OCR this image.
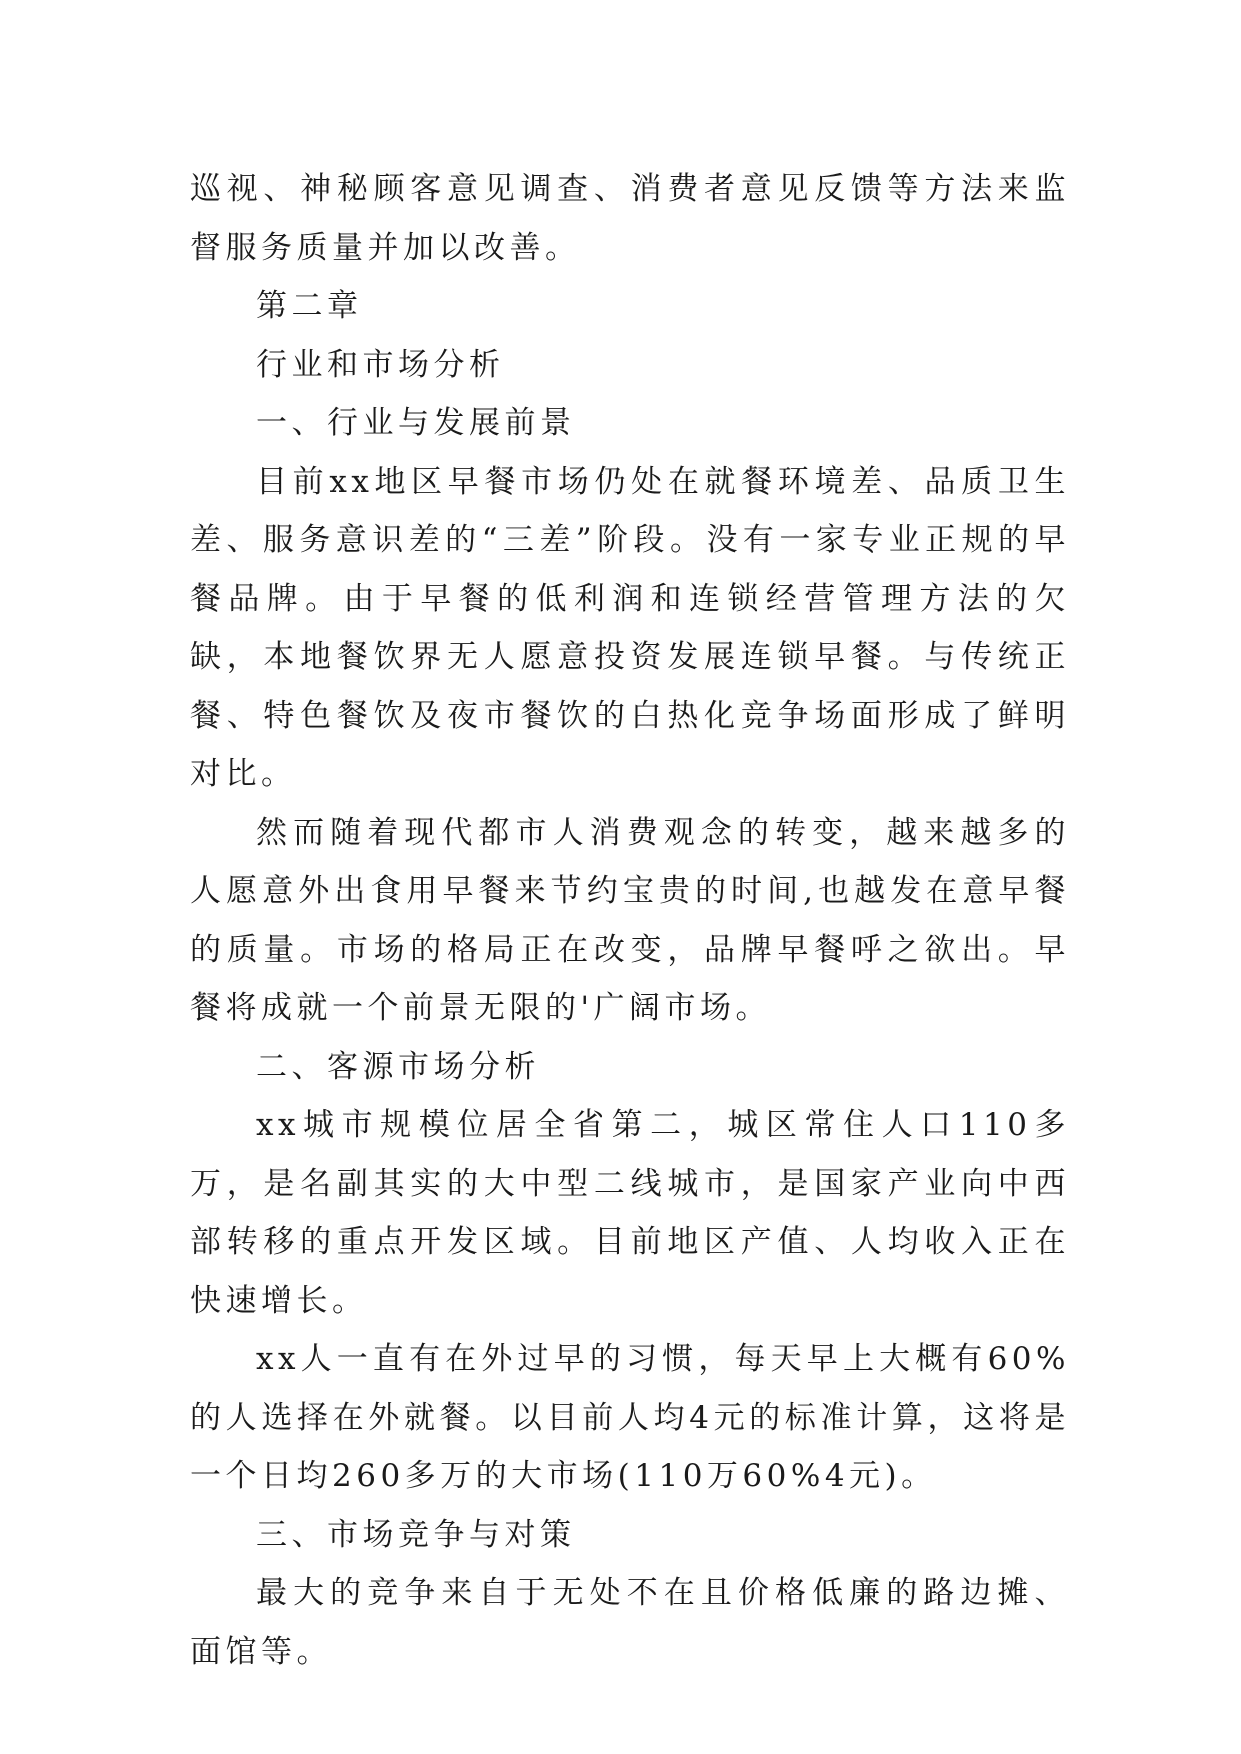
巡视、神秘顾客意见调查、消费者意见反馈等方法来监督服务质量并加以改善。

第二章

行业和市场分析

一、行业与发展前景

目前xx地区早餐市场仍处在就餐环境差、品质卫生差、服务意识差的“三差”阶段。没有一家专业正规的早餐品牌。由于早餐的低利润和连锁经营管理方法的欠缺，本地餐饮界无人愿意投资发展连锁早餐。与传统正餐、特色餐饮及夜市餐饮的白热化竞争场面形成了鲜明对比。

然而随着现代都市人消费观念的转变，越来越多的人愿意外出食用早餐来节约宝贵的时间,也越发在意早餐的质量。市场的格局正在改变，品牌早餐呼之欲出。早餐将成就一个前景无限的'广阔市场。

二、客源市场分析

xx城市规模位居全省第二，城区常住人口110多万，是名副其实的大中型二线城市，是国家产业向中西部转移的重点开发区域。目前地区产值、人均收入正在快速增长。

xx人一直有在外过早的习惯，每天早上大概有60%的人选择在外就餐。以目前人均4元的标准计算，这将是一个日均260多万的大市场(110万60%4元)。

三、市场竞争与对策

最大的竞争来自于无处不在且价格低廉的路边摊、面馆等。
